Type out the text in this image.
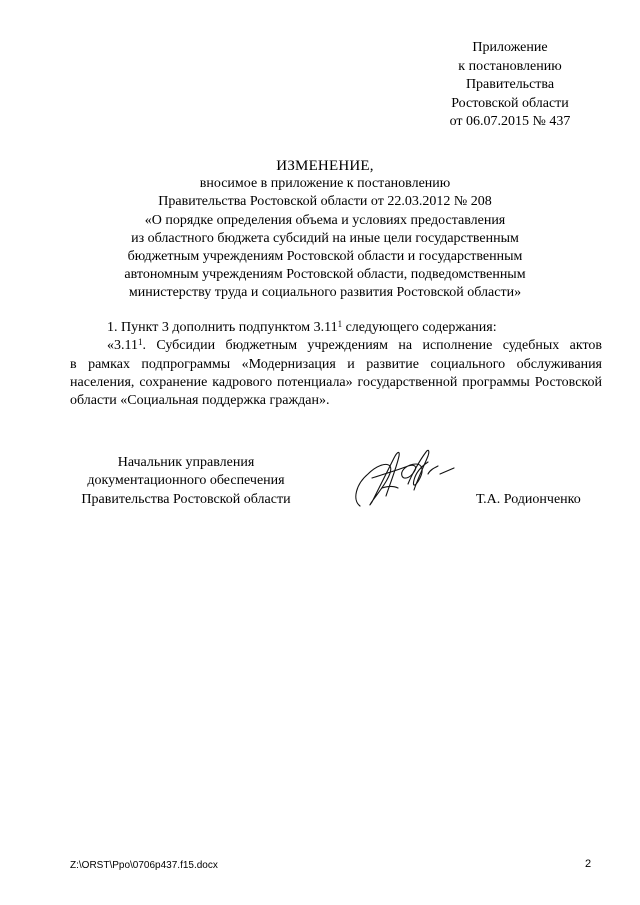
Приложение
к постановлению
Правительства
Ростовской области
от 06.07.2015 № 437
ИЗМЕНЕНИЕ,
вносимое в приложение к постановлению
Правительства Ростовской области от 22.03.2012 № 208
«О порядке определения объема и условиях предоставления
из областного бюджета субсидий на иные цели государственным
бюджетным учреждениям Ростовской области и государственным
автономным учреждениям Ростовской области, подведомственным
министерству труда и социального развития Ростовской области»

1. Пункт 3 дополнить подпунктом 3.11$^1$ следующего содержания:

«3.11$^1$. Субсидии бюджетным учреждениям на исполнение судебных актов

в рамках подпрограммы «Модернизация и развитие социального обслуживания населения, сохранение кадрового потенциала» государственной программы Ростовской области «Социальная поддержка граждан».

Начальник управления
документационного обеспечения
Правительства Ростовской области	Т.А. Родионченко
Z:\ORST\Ppo\0706p437.f15.docx	2
